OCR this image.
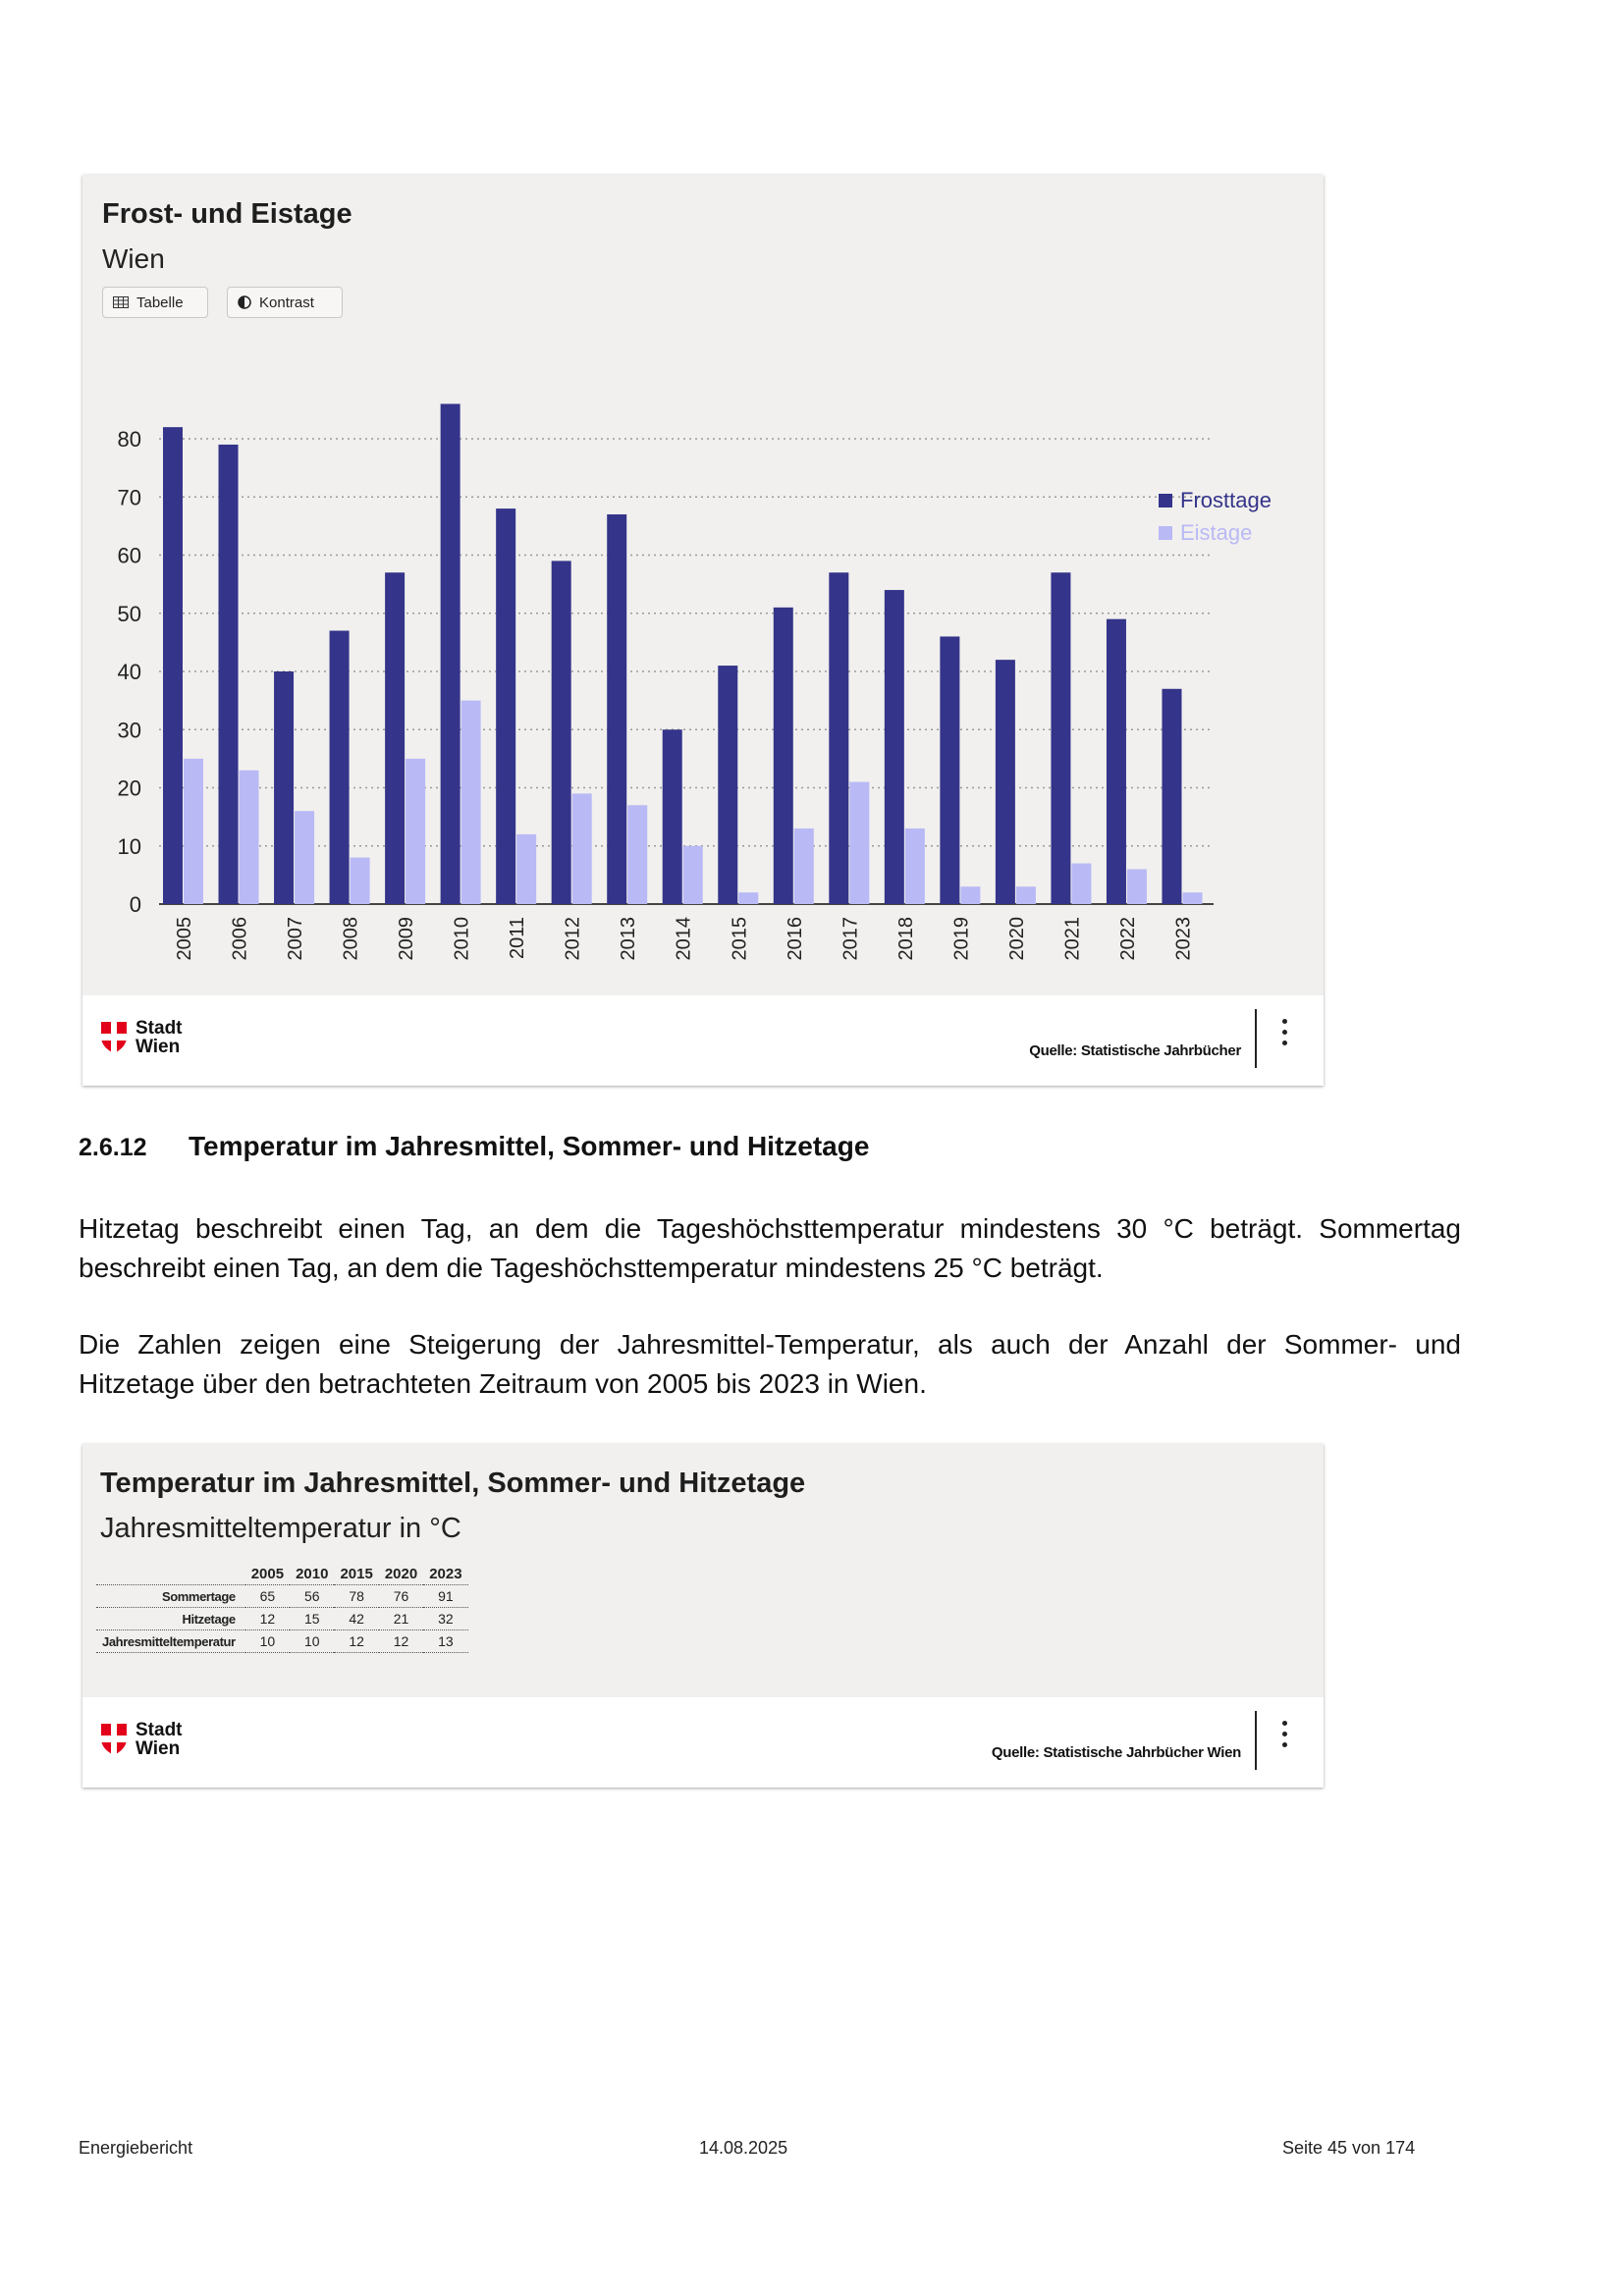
Frost- und Eistage
Wien
Tabelle	Kontrast
0
10
20
30
40
50
60
70
80
2005 2006 2007 2008 2009 2010 2011 2012 2013 2014 2015 2016 2017 2018 2019 2020 2021 2022 2023
Frosttage
Eistage
Stadt
Wien	Quelle: Statistische Jahrbücher
2.6.12 Temperatur im Jahresmittel, Sommer- und Hitzetage
Hitzetag beschreibt einen Tag, an dem die Tageshöchsttemperatur mindestens 30 °C beträgt. Sommertag
beschreibt einen Tag, an dem die Tageshöchsttemperatur mindestens 25 °C beträgt.
Die Zahlen zeigen eine Steigerung der Jahresmittel-Temperatur, als auch der Anzahl der Sommer- und
Hitzetage über den betrachteten Zeitraum von 2005 bis 2023 in Wien.
Temperatur im Jahresmittel, Sommer- und Hitzetage
Jahresmitteltemperatur in °C
	2005	2010	2015	2020	2023
Sommertage	65	56	78	76	91
Hitzetage	12	15	42	21	32
Jahresmitteltemperatur	10	10	12	12	13
Stadt
Wien	Quelle: Statistische Jahrbücher Wien
Energiebericht	14.08.2025	Seite 45 von 174
